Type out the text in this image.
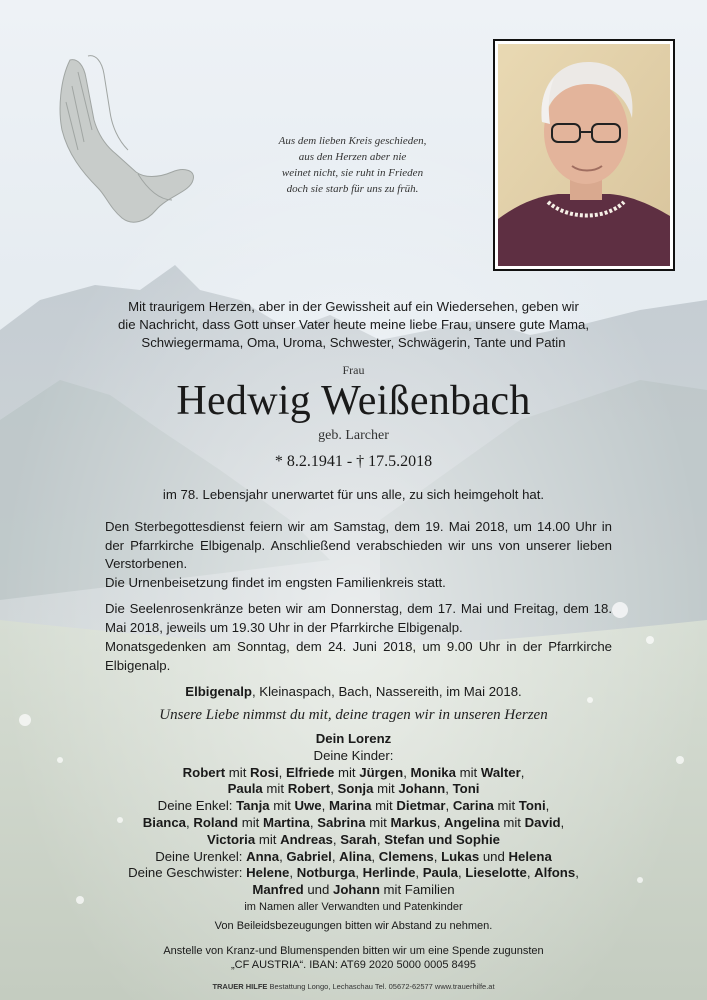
Aus dem lieben Kreis geschieden,
aus den Herzen aber nie
weinet nicht, sie ruht in Frieden
doch sie starb für uns zu früh.
Mit traurigem Herzen, aber in der Gewissheit auf ein Wiedersehen, geben wir
die Nachricht, dass Gott unser Vater heute meine liebe Frau, unsere gute Mama,
Schwiegermama, Oma, Uroma, Schwester, Schwägerin, Tante und Patin
Frau
Hedwig Weißenbach
geb. Larcher
* 8.2.1941 - † 17.5.2018
im 78. Lebensjahr unerwartet für uns alle, zu sich heimgeholt hat.
Den Sterbegottesdienst feiern wir am Samstag, dem 19. Mai 2018, um 14.00 Uhr in der Pfarrkirche Elbigenalp. Anschließend verabschieden wir uns von unserer lieben Verstorbenen.
Die Urnenbeisetzung findet im engsten Familienkreis statt.
Die Seelenrosenkränze beten wir am Donnerstag, dem 17. Mai und Freitag, dem 18. Mai 2018, jeweils um 19.30 Uhr in der Pfarrkirche Elbigenalp.
Monatsgedenken am Sonntag, dem 24. Juni 2018, um 9.00 Uhr in der Pfarrkirche Elbigenalp.
Elbigenalp, Kleinaspach, Bach, Nassereith, im Mai 2018.
Unsere Liebe nimmst du mit, deine tragen wir in unseren Herzen
Dein Lorenz
Deine Kinder:
Robert mit Rosi, Elfriede mit Jürgen, Monika mit Walter,
Paula mit Robert, Sonja mit Johann, Toni
Deine Enkel: Tanja mit Uwe, Marina mit Dietmar, Carina mit Toni,
Bianca, Roland mit Martina, Sabrina mit Markus, Angelina mit David,
Victoria mit Andreas, Sarah, Stefan und Sophie
Deine Urenkel: Anna, Gabriel, Alina, Clemens, Lukas und Helena
Deine Geschwister: Helene, Notburga, Herlinde, Paula, Lieselotte, Alfons,
Manfred und Johann mit Familien
im Namen aller Verwandten und Patenkinder
Von Beileidsbezeugungen bitten wir Abstand zu nehmen.
Anstelle von Kranz-und Blumenspenden bitten wir um eine Spende zugunsten
„CF AUSTRIA“. IBAN: AT69 2020 5000 0005 8495
TRAUER HILFE Bestattung Longo, Lechaschau Tel. 05672-62577 www.trauerhilfe.at
